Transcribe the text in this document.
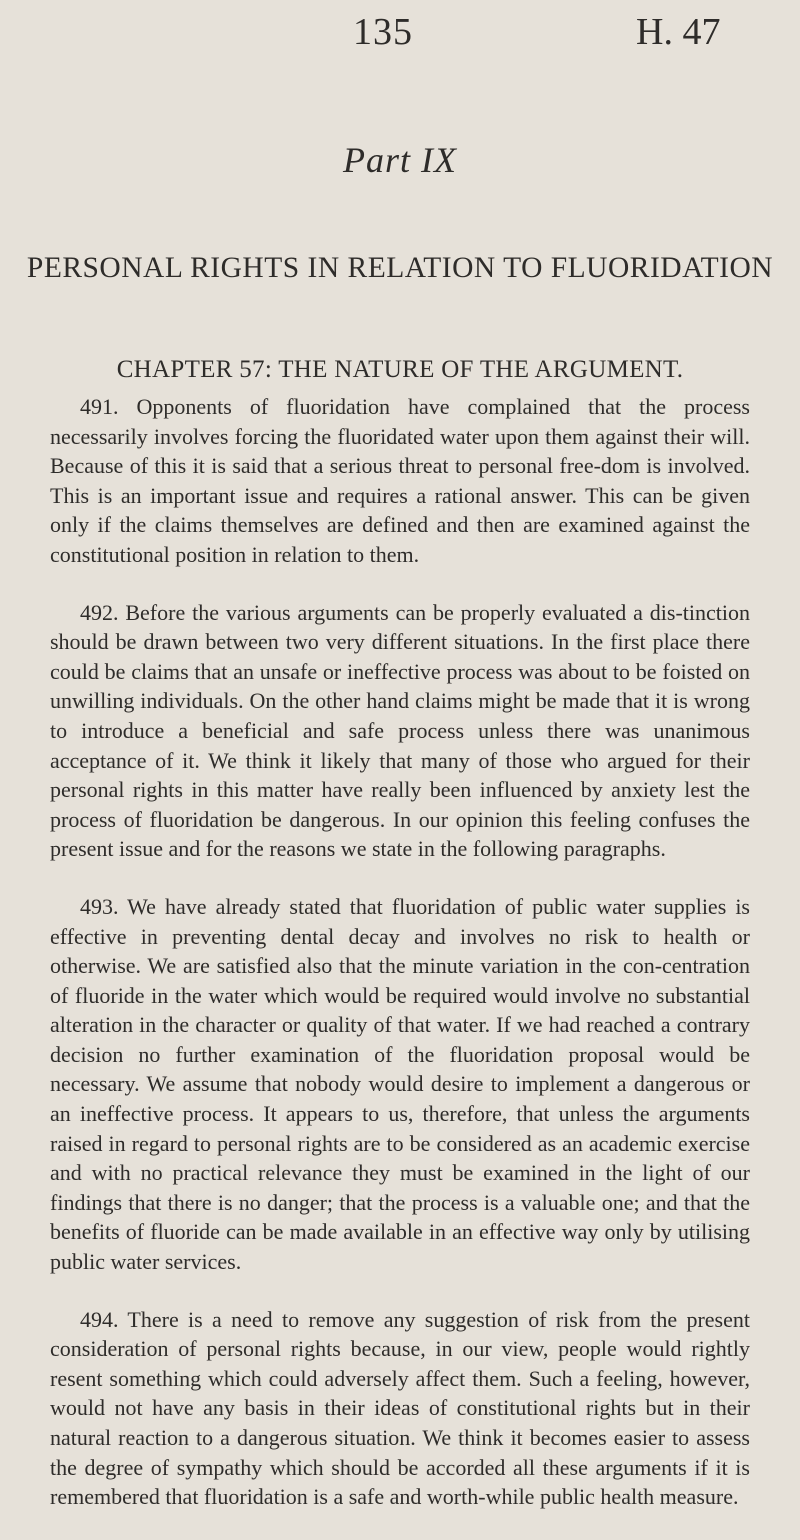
135	H. 47
Part IX
PERSONAL RIGHTS IN RELATION TO FLUORIDATION
CHAPTER 57: THE NATURE OF THE ARGUMENT.

491. Opponents of fluoridation have complained that the process necessarily involves forcing the fluoridated water upon them against their will. Because of this it is said that a serious threat to personal free-dom is involved. This is an important issue and requires a rational answer. This can be given only if the claims themselves are defined and then are examined against the constitutional position in relation to them.

492. Before the various arguments can be properly evaluated a dis-tinction should be drawn between two very different situations. In the first place there could be claims that an unsafe or ineffective process was about to be foisted on unwilling individuals. On the other hand claims might be made that it is wrong to introduce a beneficial and safe process unless there was unanimous acceptance of it. We think it likely that many of those who argued for their personal rights in this matter have really been influenced by anxiety lest the process of fluoridation be dangerous. In our opinion this feeling confuses the present issue and for the reasons we state in the following paragraphs.

493. We have already stated that fluoridation of public water supplies is effective in preventing dental decay and involves no risk to health or otherwise. We are satisfied also that the minute variation in the con-centration of fluoride in the water which would be required would involve no substantial alteration in the character or quality of that water. If we had reached a contrary decision no further examination of the fluoridation proposal would be necessary. We assume that nobody would desire to implement a dangerous or an ineffective process. It appears to us, therefore, that unless the arguments raised in regard to personal rights are to be considered as an academic exercise and with no practical relevance they must be examined in the light of our findings that there is no danger; that the process is a valuable one; and that the benefits of fluoride can be made available in an effective way only by utilising public water services.

494. There is a need to remove any suggestion of risk from the present consideration of personal rights because, in our view, people would rightly resent something which could adversely affect them. Such a feeling, however, would not have any basis in their ideas of constitutional rights but in their natural reaction to a dangerous situation. We think it becomes easier to assess the degree of sympathy which should be accorded all these arguments if it is remembered that fluoridation is a safe and worth-while public health measure.
